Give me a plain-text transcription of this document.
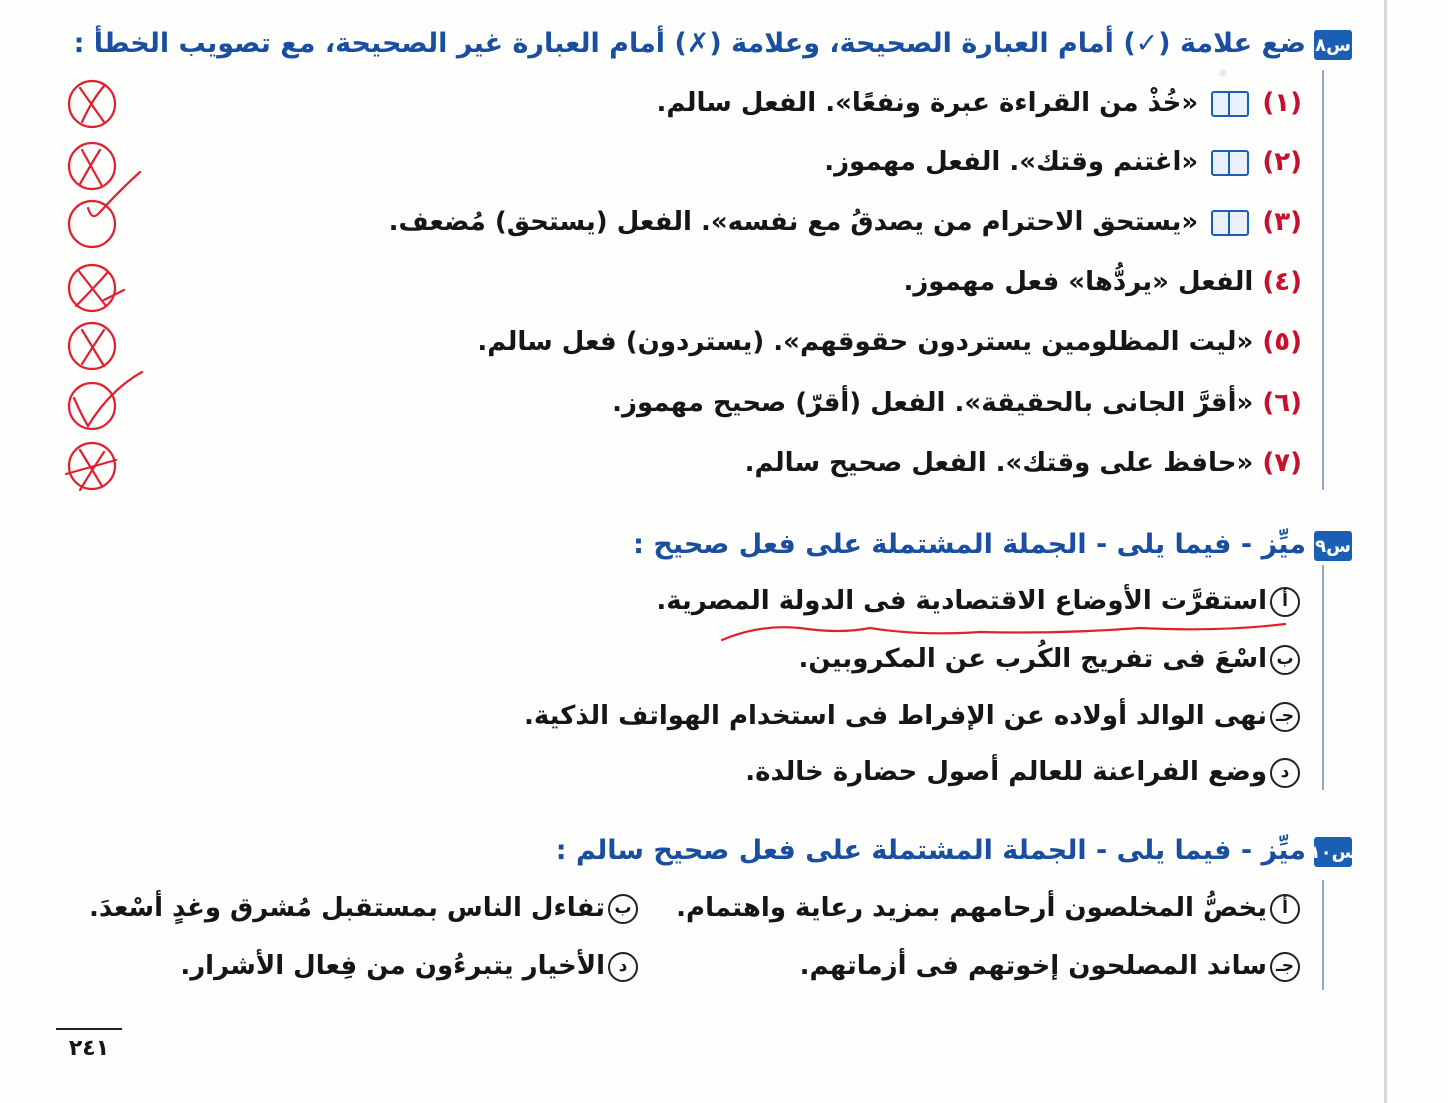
•
س٨
ضع علامة (✓) أمام العبارة الصحيحة، وعلامة (✗) أمام العبارة غير الصحيحة، مع تصويب الخطأ :
(١)  «خُذْ من القراءة عبرة ونفعًا». الفعل سالم.
(٢)  «اغتنم وقتك». الفعل مهموز.
(٣)  «يستحق الاحترام من يصدقُ مع نفسه». الفعل (يستحق) مُضعف.
(٤) الفعل «يردُّها» فعل مهموز.
(٥) «ليت المظلومين يستردون حقوقهم». (يستردون) فعل سالم.
(٦) «أقرَّ الجانى بالحقيقة». الفعل (أقرّ) صحيح مهموز.
(٧) «حافظ على وقتك». الفعل صحيح سالم.
س٩
ميِّز - فيما يلى - الجملة المشتملة على فعل صحيح :
أاستقرَّت الأوضاع الاقتصادية فى الدولة المصرية.
باسْعَ فى تفريج الكُرب عن المكروبين.
جـنهى الوالد أولاده عن الإفراط فى استخدام الهواتف الذكية.
دوضع الفراعنة للعالم أصول حضارة خالدة.
س١٠
ميِّز - فيما يلى - الجملة المشتملة على فعل صحيح سالم :
أيخصُّ المخلصون أرحامهم بمزيد رعاية واهتمام.
بتفاءل الناس بمستقبل مُشرق وغدٍ أسْعدَ.
جـساند المصلحون إخوتهم فى أزماتهم.
دالأخيار يتبرءُون من فِعال الأشرار.
٢٤١
